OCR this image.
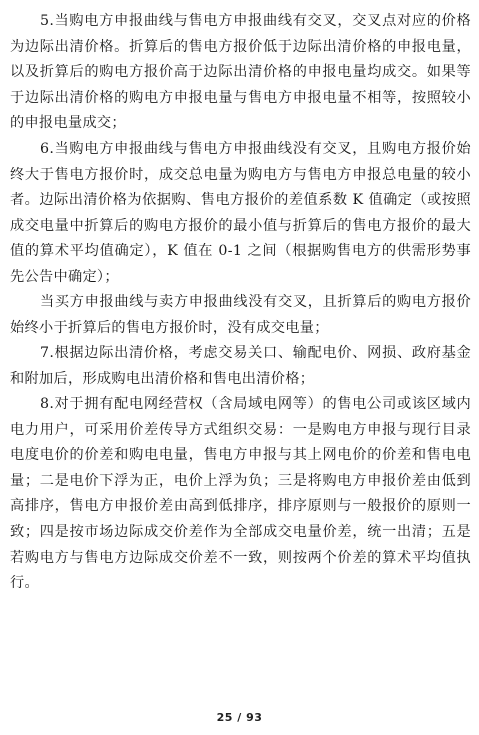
5.当购电方申报曲线与售电方申报曲线有交叉，交叉点对应的价格为边际出清价格。折算后的售电方报价低于边际出清价格的申报电量，以及折算后的购电方报价高于边际出清价格的申报电量均成交。如果等于边际出清价格的购电方申报电量与售电方申报电量不相等，按照较小的申报电量成交；

6.当购电方申报曲线与售电方申报曲线没有交叉，且购电方报价始终大于售电方报价时，成交总电量为购电方与售电方申报总电量的较小者。边际出清价格为依据购、售电方报价的差值系数 K 值确定（或按照成交电量中折算后的购电方报价的最小值与折算后的售电方报价的最大值的算术平均值确定），K 值在 0-1 之间（根据购售电方的供需形势事先公告中确定）；

当买方申报曲线与卖方申报曲线没有交叉，且折算后的购电方报价始终小于折算后的售电方报价时，没有成交电量；

7.根据边际出清价格，考虑交易关口、输配电价、网损、政府基金和附加后，形成购电出清价格和售电出清价格；

8.对于拥有配电网经营权（含局域电网等）的售电公司或该区域内电力用户，可采用价差传导方式组织交易：一是购电方申报与现行目录电度电价的价差和购电电量，售电方申报与其上网电价的价差和售电电量；二是电价下浮为正，电价上浮为负；三是将购电方申报价差由低到高排序，售电方申报价差由高到低排序，排序原则与一般报价的原则一致；四是按市场边际成交价差作为全部成交电量价差，统一出清；五是若购电方与售电方边际成交价差不一致，则按两个价差的算术平均值执行。

25 / 93
